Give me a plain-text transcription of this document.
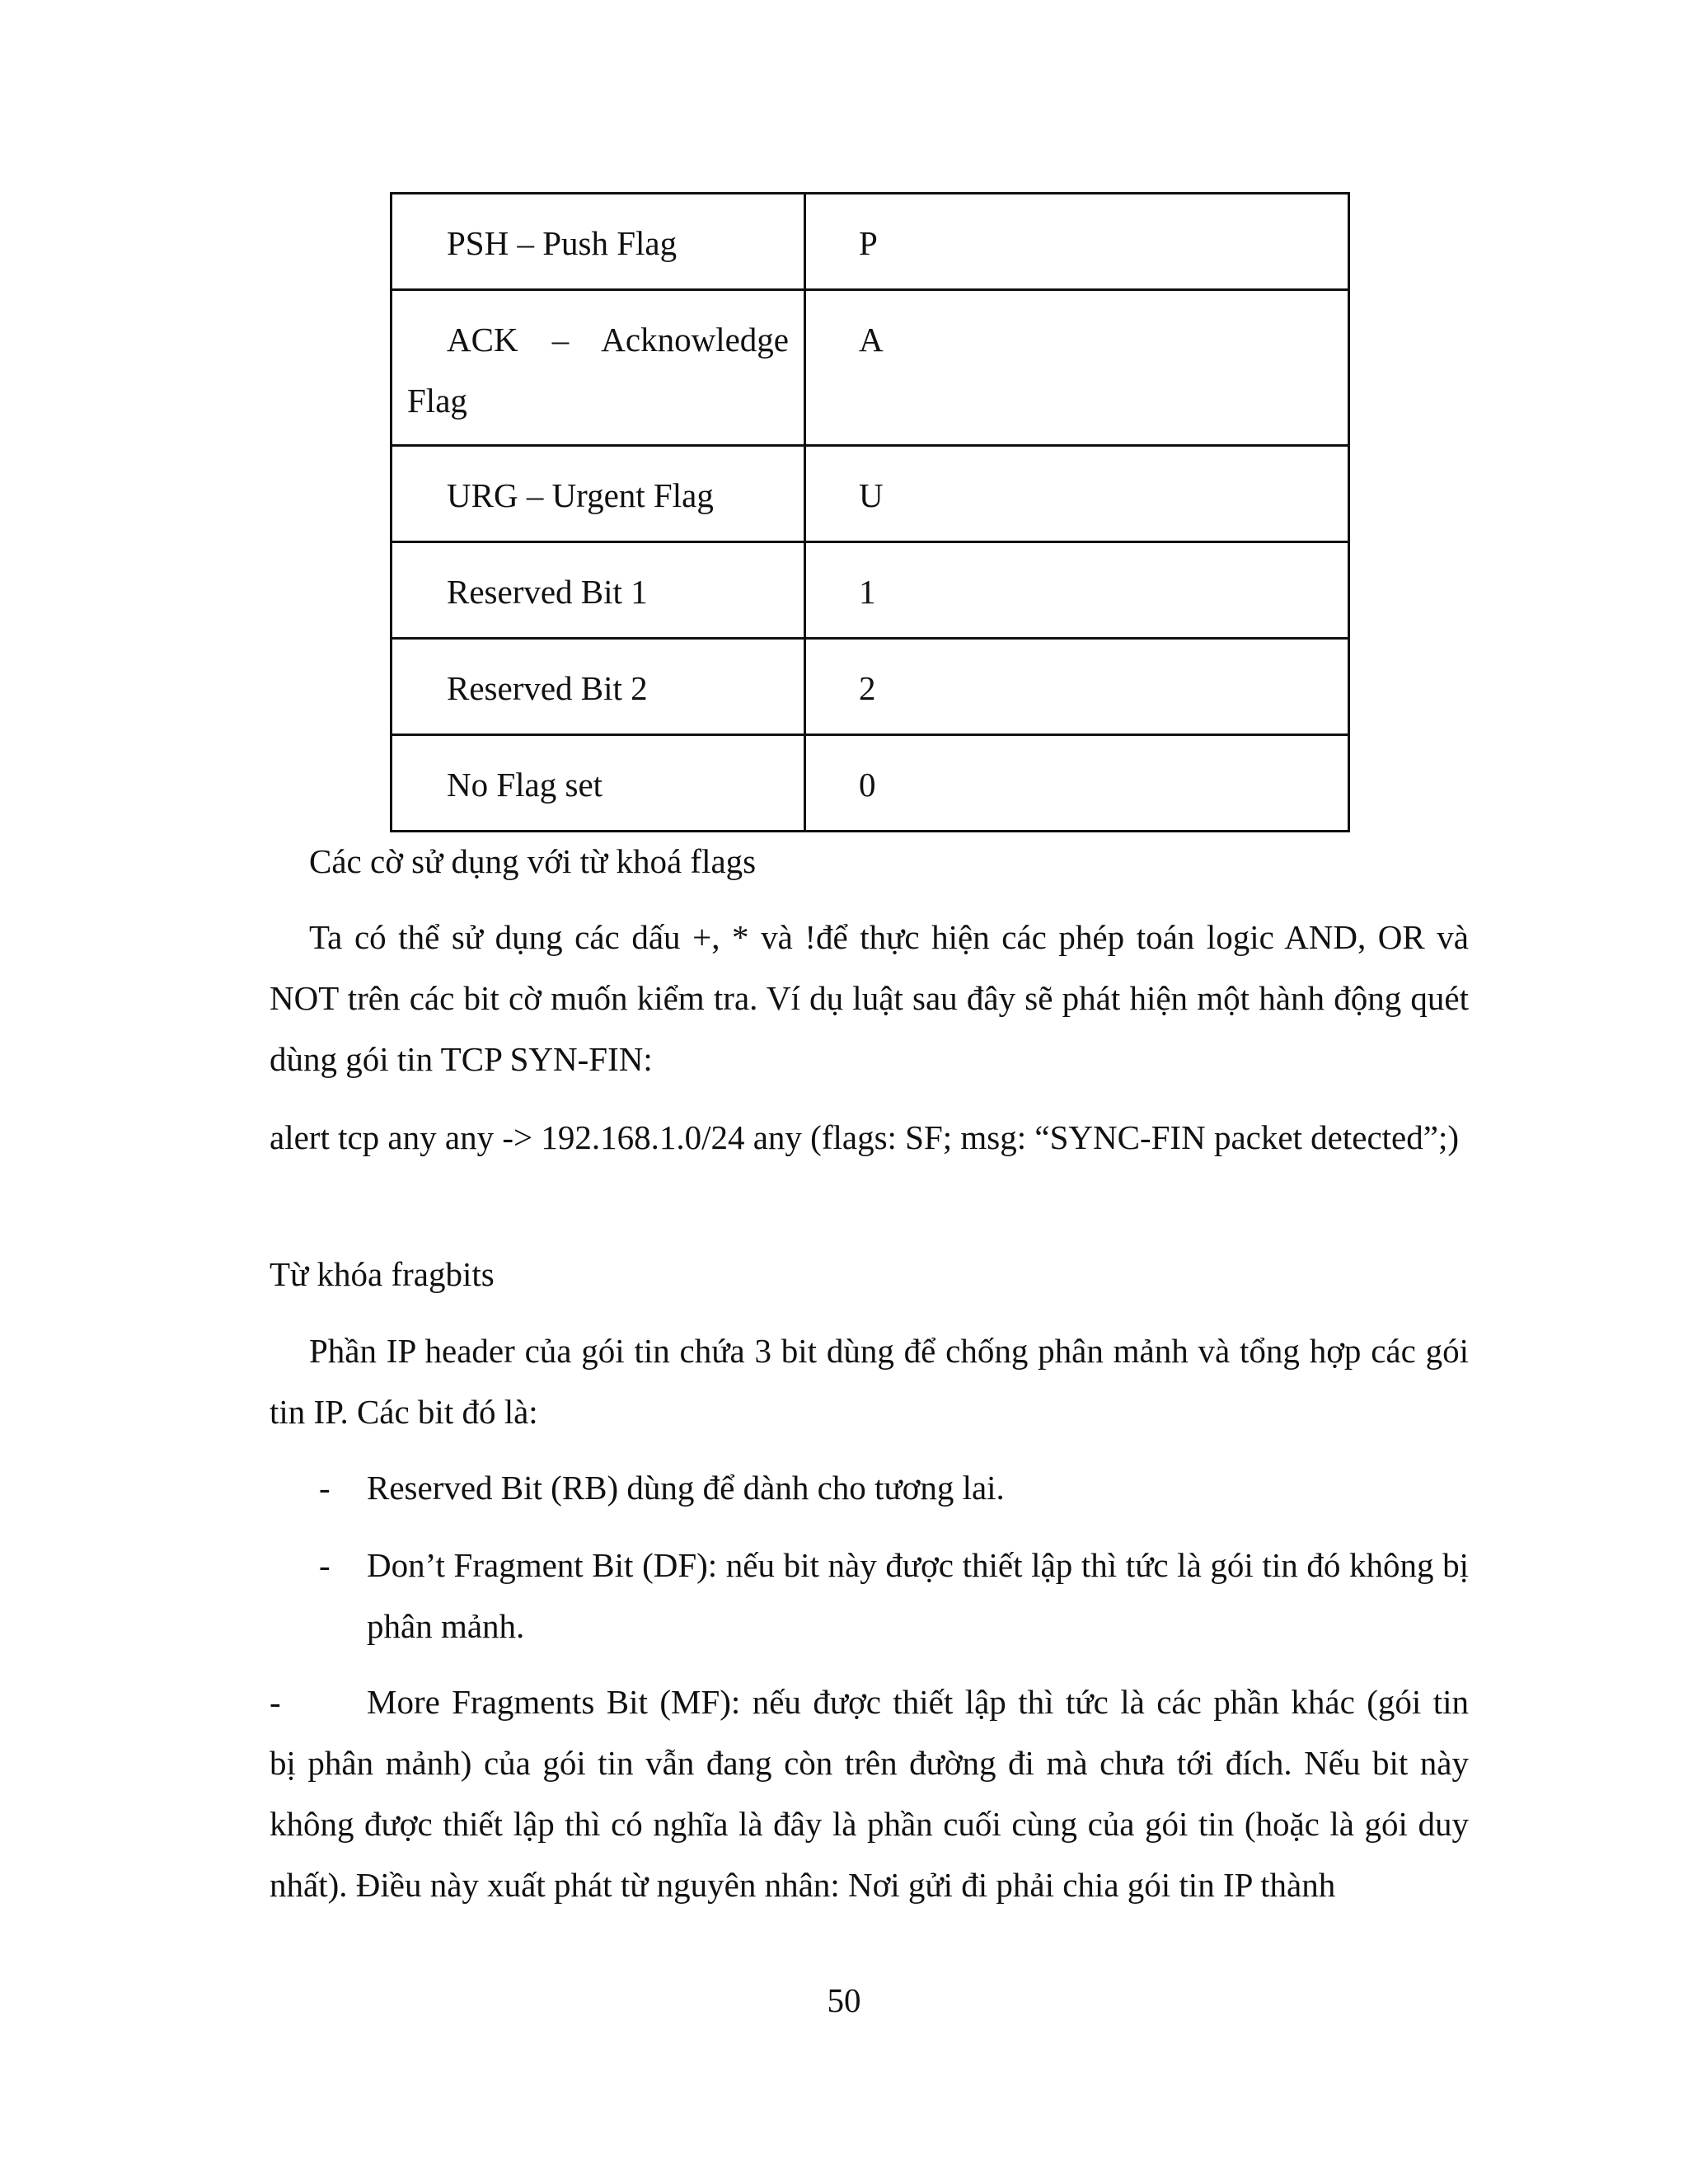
PSH – Push Flag	P

ACK – Acknowledge
Flag	A
URG – Urgent Flag	U
Reserved Bit 1	1
Reserved Bit 2	2
No Flag set	0
Các cờ sử dụng với từ khoá flags
Ta có thể sử dụng các dấu +, * và !để thực hiện các phép toán logic AND, OR và NOT trên các bit cờ muốn kiểm tra. Ví dụ luật sau đây sẽ phát hiện một hành động quét dùng gói tin TCP SYN-FIN:
alert tcp any any -> 192.168.1.0/24 any (flags: SF; msg: “SYNC-FIN packet detected”;)
Từ khóa fragbits
Phần IP header của gói tin chứa 3 bit dùng để chống phân mảnh và tổng hợp các gói tin IP. Các bit đó là:
- Reserved Bit (RB) dùng để dành cho tương lai.
- Don’t Fragment Bit (DF): nếu bit này được thiết lập thì tức là gói tin đó không bị phân mảnh.
-	More Fragments Bit (MF): nếu được thiết lập thì tức là các phần khác (gói tin
bị phân mảnh) của gói tin vẫn đang còn trên đường đi mà chưa tới đích. Nếu bit này không được thiết lập thì có nghĩa là đây là phần cuối cùng của gói tin (hoặc là gói duy nhất). Điều này xuất phát từ nguyên nhân: Nơi gửi đi phải chia gói tin IP thành
50
